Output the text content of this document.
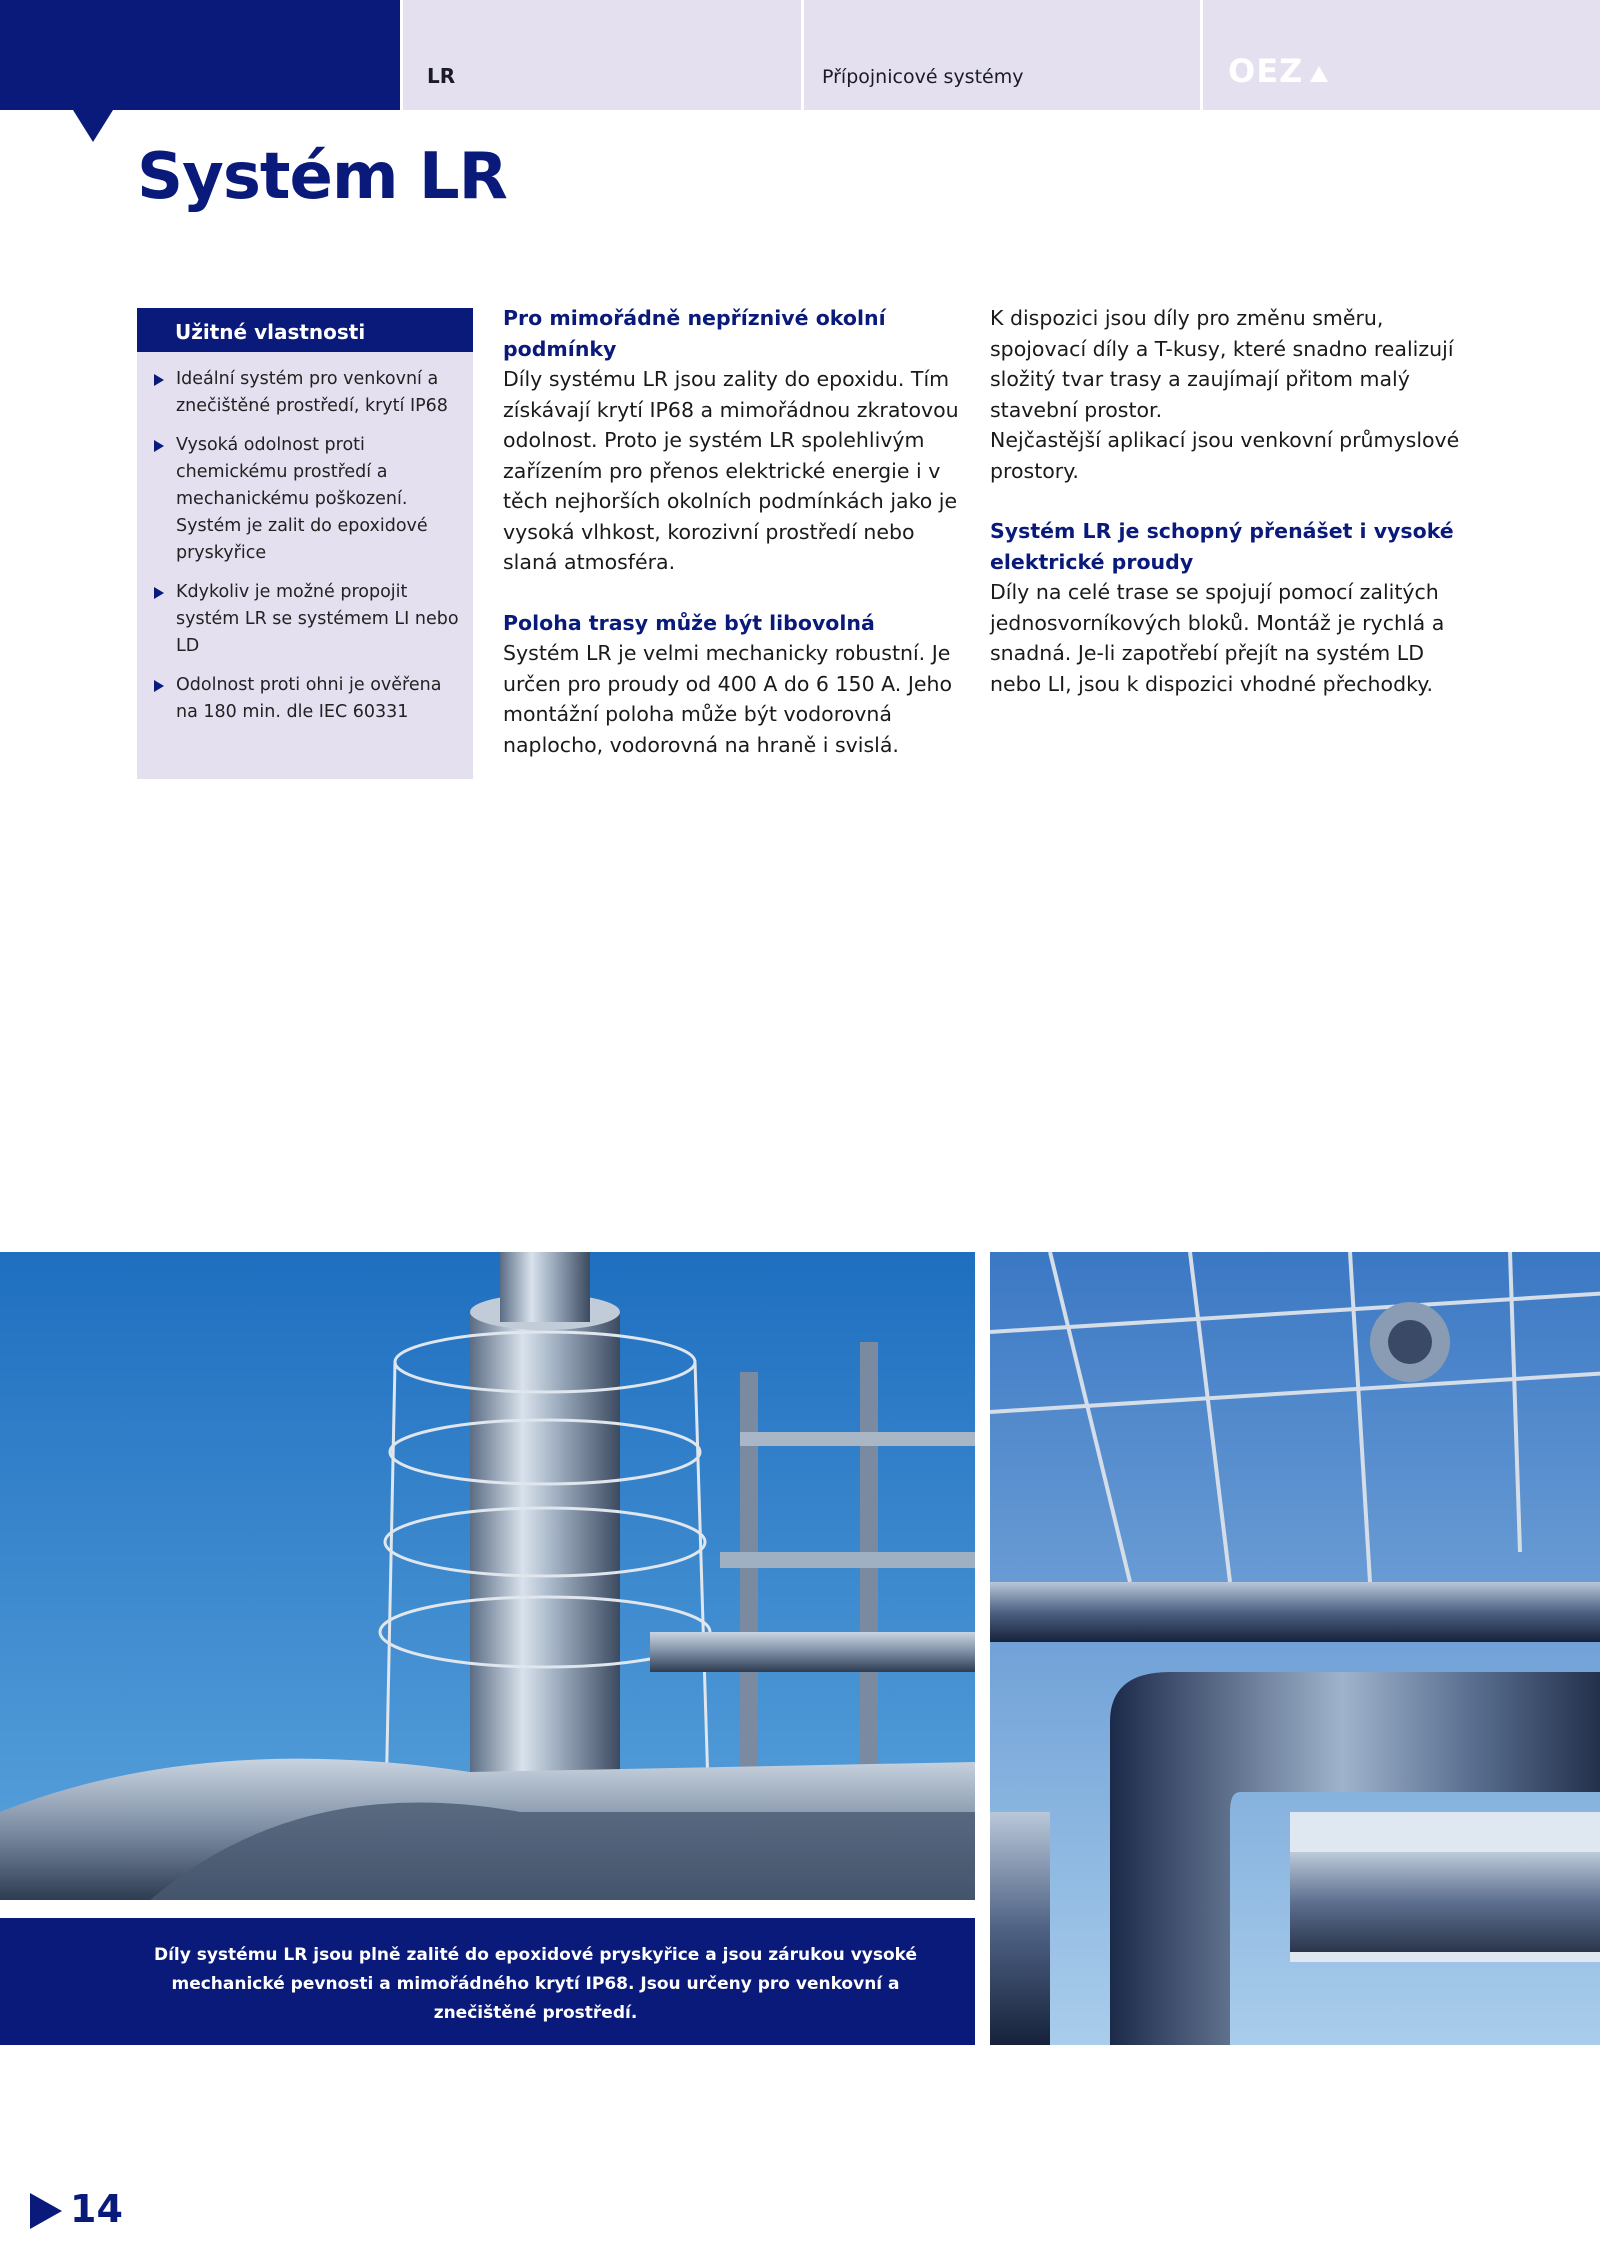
LR	Přípojnicové systémy	OEZ
Systém LR
Užitné vlastnosti
Ideální systém pro venkovní a znečištěné prostředí, krytí IP68
Vysoká odolnost proti chemickému prostředí a mechanickému poškození. Systém je zalit do epoxidové pryskyřice
Kdykoliv je možné propojit systém LR se systémem LI nebo LD
Odolnost proti ohni je ověřena na 180 min. dle IEC 60331
Pro mimořádně nepříznivé okolní podmínky

Díly systému LR jsou zality do epoxidu. Tím získávají krytí IP68 a mimořádnou zkratovou odolnost. Proto je systém LR spolehlivým zařízením pro přenos elektrické energie i v těch nejhorších okolních podmínkách jako je vysoká vlhkost, korozivní prostředí nebo slaná atmosféra.

Poloha trasy může být libovolná

Systém LR je velmi mechanicky robustní. Je určen pro proudy od 400 A do 6 150 A. Jeho montážní poloha může být vodorovná naplocho, vodorovná na hraně i svislá.

K dispozici jsou díly pro změnu směru, spojovací díly a T-kusy, které snadno realizují složitý tvar trasy a zaujímají přitom malý stavební prostor.

Nejčastější aplikací jsou venkovní průmyslové prostory.

Systém LR je schopný přenášet i vysoké elektrické proudy

Díly na celé trase se spojují pomocí zalitých jednosvorníkových bloků. Montáž je rychlá a snadná. Je-li zapotřebí přejít na systém LD nebo LI, jsou k dispozici vhodné přechodky.

Díly systému LR jsou plně zalité do epoxidové pryskyřice a jsou zárukou vysoké mechanické pevnosti a mimořádného krytí IP68. Jsou určeny pro venkovní a znečištěné prostředí.
14
